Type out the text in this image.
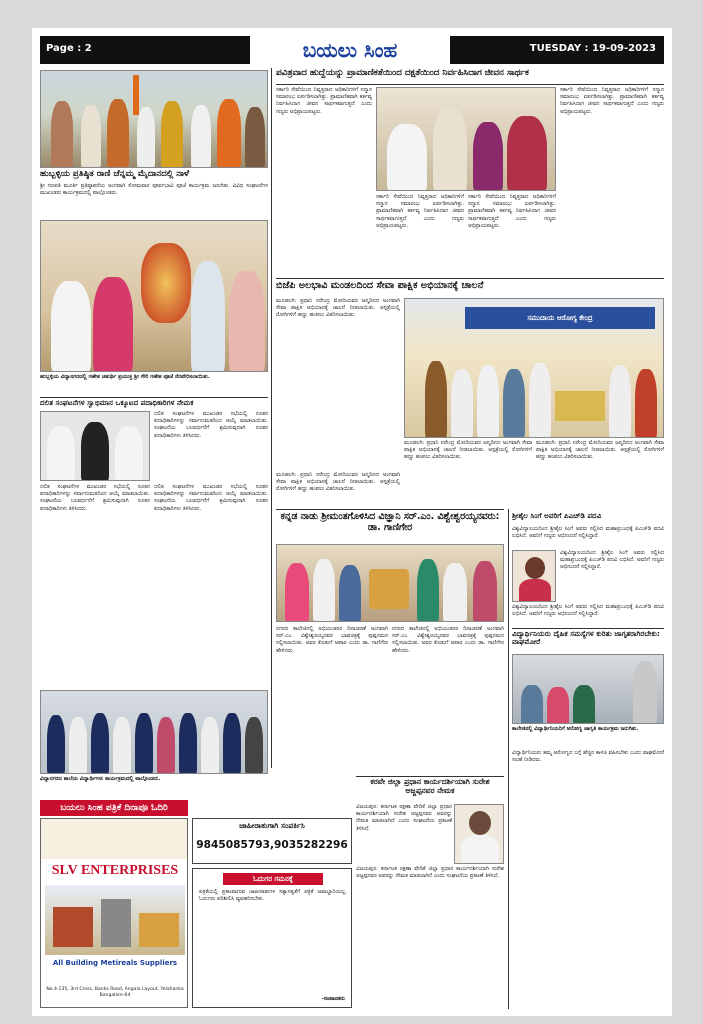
Page : 2	ಬಯಲು ಸಿಂಹ	TUESDAY : 19-09-2023
ಹುಬ್ಬಳ್ಳಿಯ ಪ್ರತಿಷ್ಠಿತ ರಾಣಿ ಚೆನ್ನಮ್ಮ ಮೈದಾನದಲ್ಲಿ ನಾಳೆ
ಶ್ರೀ ಗಣಪತಿ ಮೂರ್ತಿ ಪ್ರತಿಷ್ಠಾಪನೆಯ ಅಂಗವಾಗಿ ಸೋಮವಾರ ಪೂರ್ವಭಾವಿ ಪೂಜೆ ಕಾರ್ಯಕ್ರಮ ಜರುಗಿತು. ವಿವಿಧ ಸಂಘಟನೆಗಳ ಮುಖಂಡರು ಕಾರ್ಯಕ್ರಮದಲ್ಲಿ ಪಾಲ್ಗೊಂಡರು.
ಹುಬ್ಬಳ್ಳಿಯ ವಿದ್ಯಾನಗರದಲ್ಲಿ ಗಣೇಶ ಚತುರ್ಥಿ ಪ್ರಯುಕ್ತ ಶ್ರೀ ಗೌರಿ ಗಣೇಶ ಪೂಜೆ ನೆರವೇರಿಸಲಾಯಿತು.
ದಲಿತ ಸಂಘಟನೆಗಳ ಸ್ವಾಭಿಮಾನ ಒಕ್ಕೂಟದ ಪದಾಧಿಕಾರಿಗಳ ನೇಮಕ
ದಲಿತ ಸಂಘಟನೆಗಳ ಮುಖಂಡರ ಸಭೆಯಲ್ಲಿ ನೂತನ ಪದಾಧಿಕಾರಿಗಳನ್ನು ಸರ್ವಾನುಮತದಿಂದ ಆಯ್ಕೆ ಮಾಡಲಾಯಿತು. ಸಂಘಟನೆಯ ಬಲವರ್ಧನೆಗೆ ಶ್ರಮಿಸುವುದಾಗಿ ನೂತನ ಪದಾಧಿಕಾರಿಗಳು ತಿಳಿಸಿದರು.
ದಲಿತ ಸಂಘಟನೆಗಳ ಮುಖಂಡರ ಸಭೆಯಲ್ಲಿ ನೂತನ ಪದಾಧಿಕಾರಿಗಳನ್ನು ಸರ್ವಾನುಮತದಿಂದ ಆಯ್ಕೆ ಮಾಡಲಾಯಿತು. ಸಂಘಟನೆಯ ಬಲವರ್ಧನೆಗೆ ಶ್ರಮಿಸುವುದಾಗಿ ನೂತನ ಪದಾಧಿಕಾರಿಗಳು ತಿಳಿಸಿದರು.
ದಲಿತ ಸಂಘಟನೆಗಳ ಮುಖಂಡರ ಸಭೆಯಲ್ಲಿ ನೂತನ ಪದಾಧಿಕಾರಿಗಳನ್ನು ಸರ್ವಾನುಮತದಿಂದ ಆಯ್ಕೆ ಮಾಡಲಾಯಿತು. ಸಂಘಟನೆಯ ಬಲವರ್ಧನೆಗೆ ಶ್ರಮಿಸುವುದಾಗಿ ನೂತನ ಪದಾಧಿಕಾರಿಗಳು ತಿಳಿಸಿದರು.
ವಿದ್ಯಾನಗರದ ಶಾಲೆಯ ವಿದ್ಯಾರ್ಥಿಗಳು ಕಾರ್ಯಕ್ರಮದಲ್ಲಿ ಪಾಲ್ಗೊಂಡರು.
ಬಯಲು ಸಿಂಹ ಪತ್ರಿಕೆ ದಿನಾಪೂ ಓದಿರಿ
SLV ENTERPRISES
All Building Metireals Suppliers
No.4-135, 3rd Cross, Banks Road, Angala Layout, Yelahanka Bangalore-64
ಜಾಹೀರಾತುಗಾಗಿ ಸಂಪರ್ಕಿಸಿ
9845085793,9035282296
ಓದುಗರ ಗಮನಕ್ಕೆ
ಪತ್ರಿಕೆಯಲ್ಲಿ ಪ್ರಕಟವಾಗುವ ಜಾಹೀರಾತುಗಳ ಸತ್ಯಾಸತ್ಯತೆಗೆ ಪತ್ರಿಕೆ ಜವಾಬ್ದಾರಿಯಲ್ಲ. ಓದುಗರು ಪರಿಶೀಲಿಸಿ ವ್ಯವಹರಿಸಬೇಕು.
-ಸಂಪಾದಕರು
ಪವಿತ್ರವಾದ ಹುದ್ದೆಯನ್ನು ಪ್ರಾಮಾಣಿಕತೆಯಿಂದ ದಕ್ಷತೆಯಿಂದ ನಿರ್ವಹಿಸಿದಾಗ ಜೀವನ ಸಾರ್ಥಕ
ಸರ್ಕಾರಿ ಸೇವೆಯಿಂದ ನಿವೃತ್ತರಾದ ಅಧಿಕಾರಿಗಳಿಗೆ ಸನ್ಮಾನ ಸಮಾರಂಭ ಏರ್ಪಡಿಸಲಾಗಿತ್ತು. ಪ್ರಾಮಾಣಿಕವಾಗಿ ಕರ್ತವ್ಯ ನಿರ್ವಹಿಸಿದಾಗ ಜೀವನ ಸಾರ್ಥಕವಾಗುತ್ತದೆ ಎಂದು ಗಣ್ಯರು ಅಭಿಪ್ರಾಯಪಟ್ಟರು.
ಸರ್ಕಾರಿ ಸೇವೆಯಿಂದ ನಿವೃತ್ತರಾದ ಅಧಿಕಾರಿಗಳಿಗೆ ಸನ್ಮಾನ ಸಮಾರಂಭ ಏರ್ಪಡಿಸಲಾಗಿತ್ತು. ಪ್ರಾಮಾಣಿಕವಾಗಿ ಕರ್ತವ್ಯ ನಿರ್ವಹಿಸಿದಾಗ ಜೀವನ ಸಾರ್ಥಕವಾಗುತ್ತದೆ ಎಂದು ಗಣ್ಯರು ಅಭಿಪ್ರಾಯಪಟ್ಟರು.
ಸರ್ಕಾರಿ ಸೇವೆಯಿಂದ ನಿವೃತ್ತರಾದ ಅಧಿಕಾರಿಗಳಿಗೆ ಸನ್ಮಾನ ಸಮಾರಂಭ ಏರ್ಪಡಿಸಲಾಗಿತ್ತು. ಪ್ರಾಮಾಣಿಕವಾಗಿ ಕರ್ತವ್ಯ ನಿರ್ವಹಿಸಿದಾಗ ಜೀವನ ಸಾರ್ಥಕವಾಗುತ್ತದೆ ಎಂದು ಗಣ್ಯರು ಅಭಿಪ್ರಾಯಪಟ್ಟರು.
ಸರ್ಕಾರಿ ಸೇವೆಯಿಂದ ನಿವೃತ್ತರಾದ ಅಧಿಕಾರಿಗಳಿಗೆ ಸನ್ಮಾನ ಸಮಾರಂಭ ಏರ್ಪಡಿಸಲಾಗಿತ್ತು. ಪ್ರಾಮಾಣಿಕವಾಗಿ ಕರ್ತವ್ಯ ನಿರ್ವಹಿಸಿದಾಗ ಜೀವನ ಸಾರ್ಥಕವಾಗುತ್ತದೆ ಎಂದು ಗಣ್ಯರು ಅಭಿಪ್ರಾಯಪಟ್ಟರು.
ಬಿಜೆಪಿ ಅಲಭಾವಿ ಮಂಡಲದಿಂದ ಸೇವಾ ಪಾಕ್ಷಿಕ ಅಭಿಯಾನಕ್ಕೆ ಚಾಲನೆ
ಮೂಡಲಗಿ: ಪ್ರಧಾನಿ ನರೇಂದ್ರ ಮೋದಿಯವರ ಜನ್ಮದಿನದ ಅಂಗವಾಗಿ ಸೇವಾ ಪಾಕ್ಷಿಕ ಅಭಿಯಾನಕ್ಕೆ ಚಾಲನೆ ನೀಡಲಾಯಿತು. ಆಸ್ಪತ್ರೆಯಲ್ಲಿ ರೋಗಿಗಳಿಗೆ ಹಣ್ಣು ಹಂಪಲು ವಿತರಿಸಲಾಯಿತು.	ಸಮುದಾಯ ಆರೋಗ್ಯ ಕೇಂದ್ರ
ಮೂಡಲಗಿ: ಪ್ರಧಾನಿ ನರೇಂದ್ರ ಮೋದಿಯವರ ಜನ್ಮದಿನದ ಅಂಗವಾಗಿ ಸೇವಾ ಪಾಕ್ಷಿಕ ಅಭಿಯಾನಕ್ಕೆ ಚಾಲನೆ ನೀಡಲಾಯಿತು. ಆಸ್ಪತ್ರೆಯಲ್ಲಿ ರೋಗಿಗಳಿಗೆ ಹಣ್ಣು ಹಂಪಲು ವಿತರಿಸಲಾಯಿತು.
ಮೂಡಲಗಿ: ಪ್ರಧಾನಿ ನರೇಂದ್ರ ಮೋದಿಯವರ ಜನ್ಮದಿನದ ಅಂಗವಾಗಿ ಸೇವಾ ಪಾಕ್ಷಿಕ ಅಭಿಯಾನಕ್ಕೆ ಚಾಲನೆ ನೀಡಲಾಯಿತು. ಆಸ್ಪತ್ರೆಯಲ್ಲಿ ರೋಗಿಗಳಿಗೆ ಹಣ್ಣು ಹಂಪಲು ವಿತರಿಸಲಾಯಿತು.
ಮೂಡಲಗಿ: ಪ್ರಧಾನಿ ನರೇಂದ್ರ ಮೋದಿಯವರ ಜನ್ಮದಿನದ ಅಂಗವಾಗಿ ಸೇವಾ ಪಾಕ್ಷಿಕ ಅಭಿಯಾನಕ್ಕೆ ಚಾಲನೆ ನೀಡಲಾಯಿತು. ಆಸ್ಪತ್ರೆಯಲ್ಲಿ ರೋಗಿಗಳಿಗೆ ಹಣ್ಣು ಹಂಪಲು ವಿತರಿಸಲಾಯಿತು.
ಕನ್ನಡ ನಾಡು ಶ್ರೀಮಂತಗೊಳಿಸಿದ ವಿಜ್ಞಾನಿ ಸರ್.ಎಂ. ವಿಶ್ವೇಶ್ವರಯ್ಯನವರು: ಡಾ. ಗಾಣಿಗೇರ
ನಗರದ ಕಾಲೇಜಿನಲ್ಲಿ ಅಭಿಯಂತರರ ದಿನಾಚರಣೆ ಅಂಗವಾಗಿ ಸರ್.ಎಂ. ವಿಶ್ವೇಶ್ವರಯ್ಯನವರ ಭಾವಚಿತ್ರಕ್ಕೆ ಪುಷ್ಪನಮನ ಸಲ್ಲಿಸಲಾಯಿತು. ಅವರ ಕೊಡುಗೆ ಅಪಾರ ಎಂದು ಡಾ. ಗಾಣಿಗೇರ ಹೇಳಿದರು.
ನಗರದ ಕಾಲೇಜಿನಲ್ಲಿ ಅಭಿಯಂತರರ ದಿನಾಚರಣೆ ಅಂಗವಾಗಿ ಸರ್.ಎಂ. ವಿಶ್ವೇಶ್ವರಯ್ಯನವರ ಭಾವಚಿತ್ರಕ್ಕೆ ಪುಷ್ಪನಮನ ಸಲ್ಲಿಸಲಾಯಿತು. ಅವರ ಕೊಡುಗೆ ಅಪಾರ ಎಂದು ಡಾ. ಗಾಣಿಗೇರ ಹೇಳಿದರು.
ಶ್ರೀಶೈಲ ಸಿಂಗೆ ಅವರಿಗೆ ಪಿಎಚ್‌ಡಿ ಪದವಿ
ವಿಶ್ವವಿದ್ಯಾಲಯದಿಂದ ಶ್ರೀಶೈಲ ಸಿಂಗೆ ಅವರು ಸಲ್ಲಿಸಿದ ಮಹಾಪ್ರಬಂಧಕ್ಕೆ ಪಿಎಚ್‌ಡಿ ಪದವಿ ಲಭಿಸಿದೆ. ಅವರಿಗೆ ಗಣ್ಯರು ಅಭಿನಂದನೆ ಸಲ್ಲಿಸಿದ್ದಾರೆ.
ವಿಶ್ವವಿದ್ಯಾಲಯದಿಂದ ಶ್ರೀಶೈಲ ಸಿಂಗೆ ಅವರು ಸಲ್ಲಿಸಿದ ಮಹಾಪ್ರಬಂಧಕ್ಕೆ ಪಿಎಚ್‌ಡಿ ಪದವಿ ಲಭಿಸಿದೆ. ಅವರಿಗೆ ಗಣ್ಯರು ಅಭಿನಂದನೆ ಸಲ್ಲಿಸಿದ್ದಾರೆ.
ವಿಶ್ವವಿದ್ಯಾಲಯದಿಂದ ಶ್ರೀಶೈಲ ಸಿಂಗೆ ಅವರು ಸಲ್ಲಿಸಿದ ಮಹಾಪ್ರಬಂಧಕ್ಕೆ ಪಿಎಚ್‌ಡಿ ಪದವಿ ಲಭಿಸಿದೆ. ಅವರಿಗೆ ಗಣ್ಯರು ಅಭಿನಂದನೆ ಸಲ್ಲಿಸಿದ್ದಾರೆ.
ವಿದ್ಯಾರ್ಥಿನಿಯರು ದೈಹಿಕ ಸಮಸ್ಯೆಗಳ ಕುರಿತು ಜಾಗೃತರಾಗಿರಬೇಕು: ವಾಘಮೋರೆ
ಕಾಲೇಜಿನಲ್ಲಿ ವಿದ್ಯಾರ್ಥಿನಿಯರಿಗೆ ಆರೋಗ್ಯ ಜಾಗೃತಿ ಕಾರ್ಯಕ್ರಮ ಜರುಗಿತು.
ವಿದ್ಯಾರ್ಥಿನಿಯರು ತಮ್ಮ ಆರೋಗ್ಯದ ಬಗ್ಗೆ ಹೆಚ್ಚಿನ ಕಾಳಜಿ ವಹಿಸಬೇಕು ಎಂದು ವಾಘಮೋರೆ ಸಲಹೆ ನೀಡಿದರು.
ಕರವೇ ಜಿಲ್ಲಾ ಪ್ರಧಾನ ಕಾರ್ಯದರ್ಶಿಯಾಗಿ ಸುರೇಶ ಅಜ್ಜಪ್ಪನವರ ನೇಮಕ
ವಿಜಯಪುರ: ಕರ್ನಾಟಕ ರಕ್ಷಣಾ ವೇದಿಕೆ ಜಿಲ್ಲಾ ಪ್ರಧಾನ ಕಾರ್ಯದರ್ಶಿಯಾಗಿ ಸುರೇಶ ಅಜ್ಜಪ್ಪನವರ ಅವರನ್ನು ನೇಮಕ ಮಾಡಲಾಗಿದೆ ಎಂದು ಸಂಘಟನೆಯ ಪ್ರಕಟಣೆ ತಿಳಿಸಿದೆ.
ವಿಜಯಪುರ: ಕರ್ನಾಟಕ ರಕ್ಷಣಾ ವೇದಿಕೆ ಜಿಲ್ಲಾ ಪ್ರಧಾನ ಕಾರ್ಯದರ್ಶಿಯಾಗಿ ಸುರೇಶ ಅಜ್ಜಪ್ಪನವರ ಅವರನ್ನು ನೇಮಕ ಮಾಡಲಾಗಿದೆ ಎಂದು ಸಂಘಟನೆಯ ಪ್ರಕಟಣೆ ತಿಳಿಸಿದೆ.
